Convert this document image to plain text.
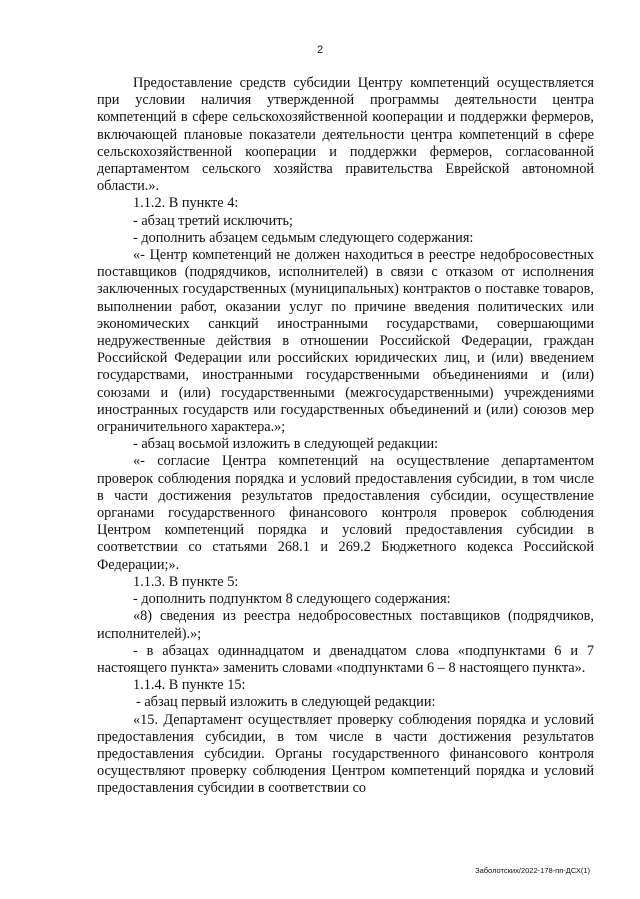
2

Предоставление средств субсидии Центру компетенций осуществляется при условии наличия утвержденной программы деятельности центра компетенций в сфере сельскохозяйственной кооперации и поддержки фермеров, включающей плановые показатели деятельности центра компетенций в сфере сельскохозяйственной кооперации и поддержки фермеров, согласованной департаментом сельского хозяйства правительства Еврейской автономной области.».

1.1.2. В пункте 4:

- абзац третий исключить;

- дополнить абзацем седьмым следующего содержания:

«- Центр компетенций не должен находиться в реестре недобросовестных поставщиков (подрядчиков, исполнителей) в связи с отказом от исполнения заключенных государственных (муниципальных) контрактов о поставке товаров, выполнении работ, оказании услуг по причине введения политических или экономических санкций иностранными государствами, совершающими недружественные действия в отношении Российской Федерации, граждан Российской Федерации или российских юридических лиц, и (или) введением государствами, иностранными государственными объединениями и (или) союзами и (или) государственными (межгосударственными) учреждениями иностранных государств или государственных объединений и (или) союзов мер ограничительного характера.»;

- абзац восьмой изложить в следующей редакции:

«- согласие Центра компетенций на осуществление департаментом проверок соблюдения порядка и условий предоставления субсидии, в том числе в части достижения результатов предоставления субсидии, осуществление органами государственного финансового контроля проверок соблюдения Центром компетенций порядка и условий предоставления субсидии в соответствии со статьями 268.1 и 269.2 Бюджетного кодекса Российской Федерации;».

1.1.3. В пункте 5:

- дополнить подпунктом 8 следующего содержания:

«8) сведения из реестра недобросовестных поставщиков (подрядчиков, исполнителей).»;

- в абзацах одиннадцатом и двенадцатом слова «подпунктами 6 и 7 настоящего пункта» заменить словами «подпунктами 6 – 8 настоящего пункта».

1.1.4. В пункте 15:

- абзац первый изложить в следующей редакции:

«15. Департамент осуществляет проверку соблюдения порядка и условий предоставления субсидии, в том числе в части достижения результатов предоставления субсидии. Органы государственного финансового контроля осуществляют проверку соблюдения Центром компетенций порядка и условий предоставления субсидии в соответствии со

Заболотских/2022-178-пп-ДСХ(1)
